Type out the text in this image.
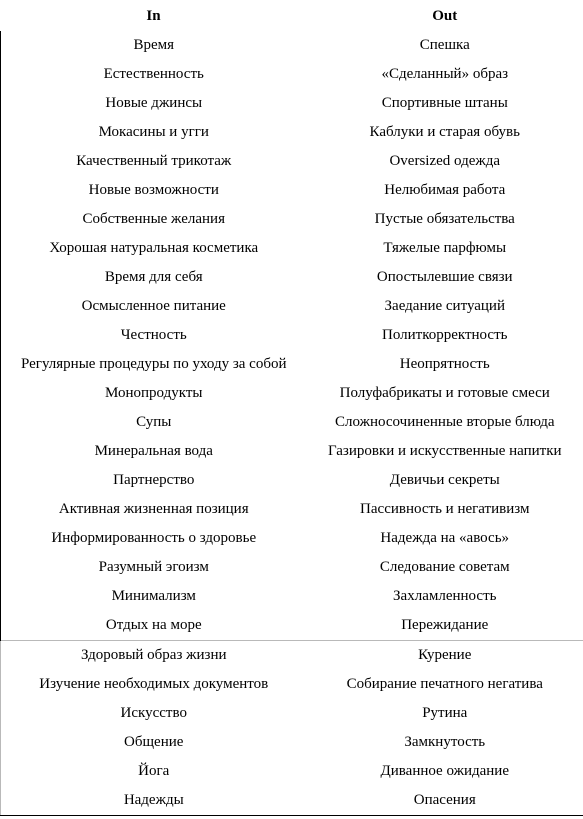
In	Out
Время	Спешка
Естественность	«Сделанный» образ
Новые джинсы	Спортивные штаны
Мокасины и угги	Каблуки и старая обувь
Качественный трикотаж	Oversized одежда
Новые возможности	Нелюбимая работа
Собственные желания	Пустые обязательства
Хорошая натуральная косметика	Тяжелые парфюмы
Время для себя	Опостылевшие связи
Осмысленное питание	Заедание ситуаций
Честность	Политкорректность
Регулярные процедуры по уходу за собой	Неопрятность
Монопродукты	Полуфабрикаты и готовые смеси
Супы	Сложносочиненные вторые блюда
Минеральная вода	Газировки и искусственные напитки
Партнерство	Девичьи секреты
Активная жизненная позиция	Пассивность и негативизм
Информированность о здоровье	Надежда на «авось»
Разумный эгоизм	Следование советам
Минимализм	Захламленность
Отдых на море	Пережидание
Здоровый образ жизни	Курение
Изучение необходимых документов	Собирание печатного негатива
Искусство	Рутина
Общение	Замкнутость
Йога	Диванное ожидание
Надежды	Опасения
